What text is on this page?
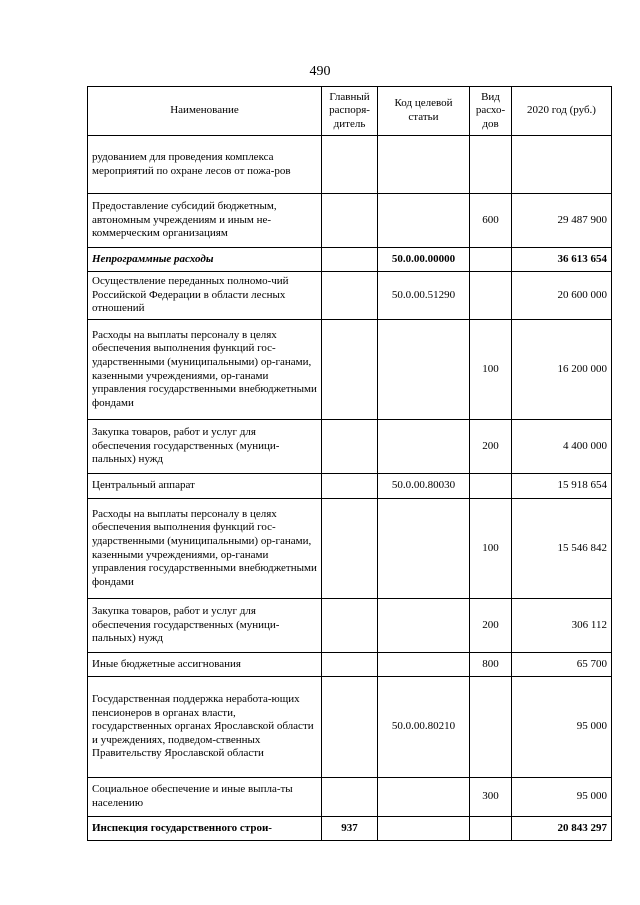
490
Наименование	Главный распоря-дитель	Код целевой статьи	Вид расхо-дов	2020 год (руб.)
рудованием для проведения комплекса мероприятий по охране лесов от пожа-ров				
Предоставление субсидий бюджетным, автономным учреждениям и иным не-коммерческим организациям			600	29 487 900
Непрограммные расходы		50.0.00.00000		36 613 654
Осуществление переданных полномо-чий Российской Федерации в области лесных отношений		50.0.00.51290		20 600 000
Расходы на выплаты персоналу в целях обеспечения выполнения функций гос-ударственными (муниципальными) ор-ганами, казенными учреждениями, ор-ганами управления государственными внебюджетными фондами			100	16 200 000
Закупка товаров, работ и услуг для обеспечения государственных (муници-пальных) нужд			200	4 400 000
Центральный аппарат		50.0.00.80030		15 918 654
Расходы на выплаты персоналу в целях обеспечения выполнения функций гос-ударственными (муниципальными) ор-ганами, казенными учреждениями, ор-ганами управления государственными внебюджетными фондами			100	15 546 842
Закупка товаров, работ и услуг для обеспечения государственных (муници-пальных) нужд			200	306 112
Иные бюджетные ассигнования			800	65 700
Государственная поддержка неработа-ющих пенсионеров в органах власти, государственных органах Ярославской области и учреждениях, подведом-ственных Правительству Ярославской области		50.0.00.80210		95 000
Социальное обеспечение и иные выпла-ты населению			300	95 000
Инспекция государственного строи-	937			20 843 297
